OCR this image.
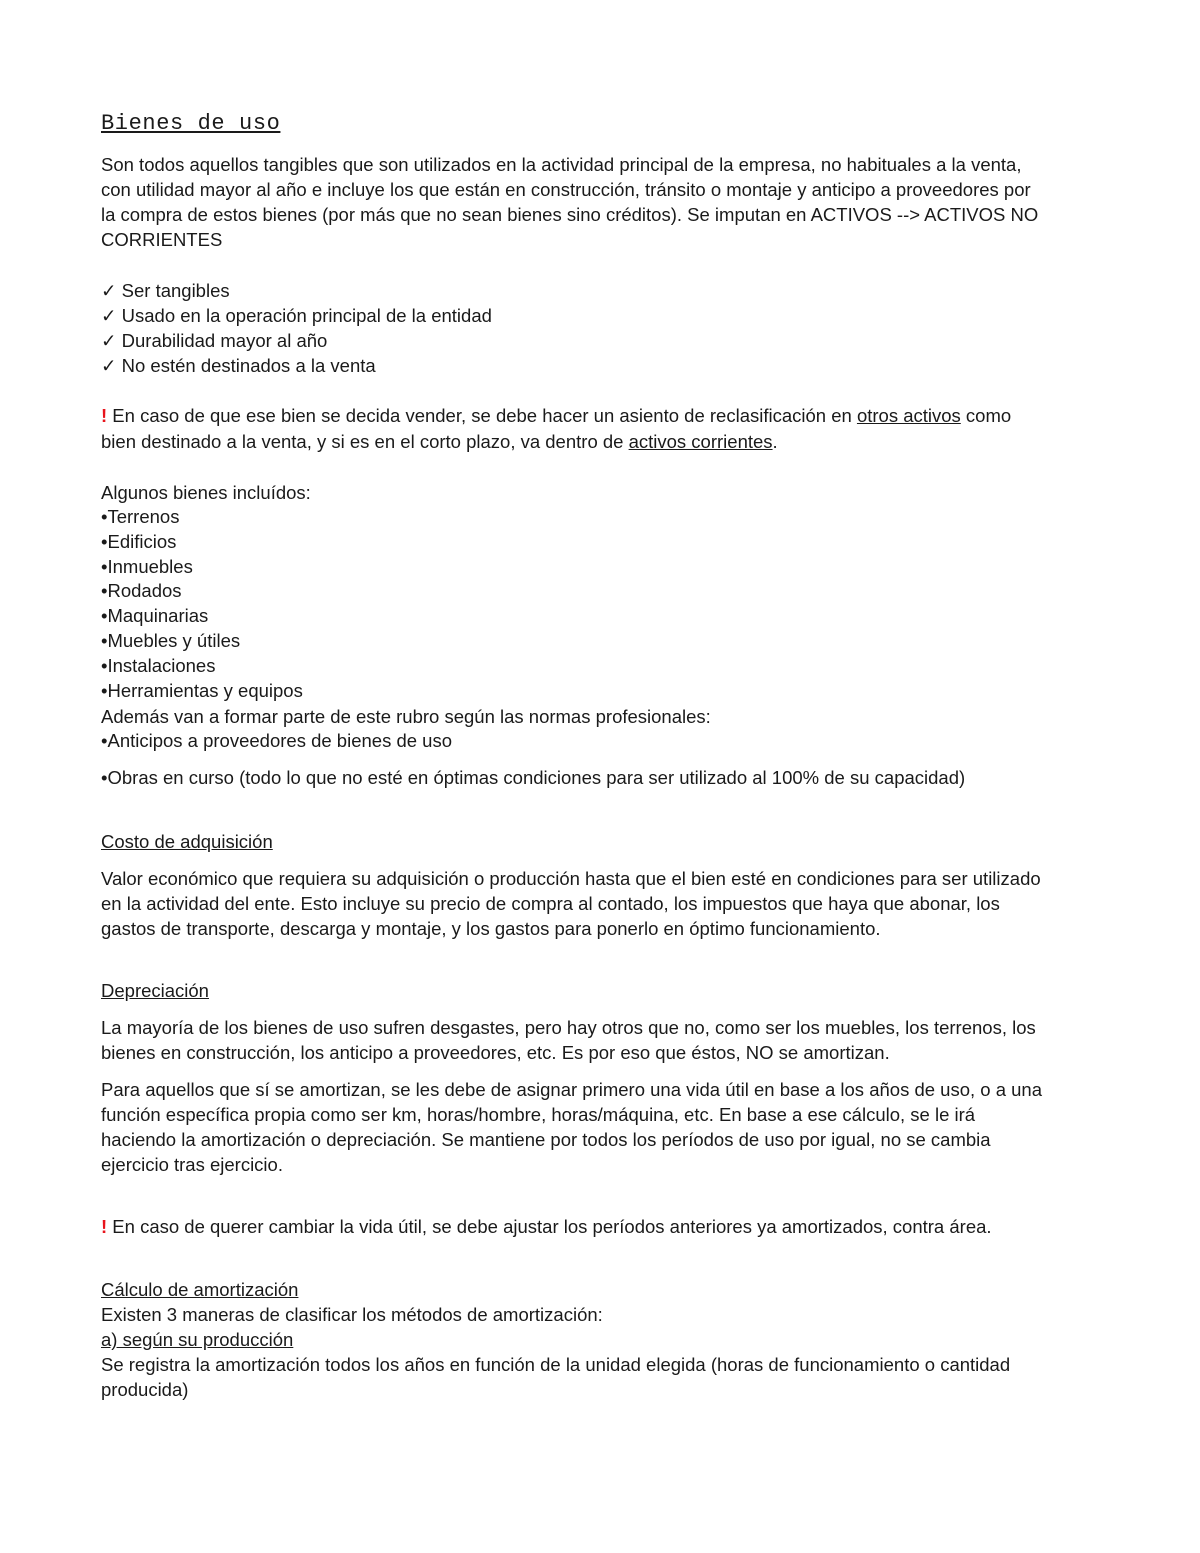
Bienes de uso
Son todos aquellos tangibles que son utilizados en la actividad principal de la empresa, no habituales a la venta,
con utilidad mayor al año e incluye los que están en construcción, tránsito o montaje y anticipo a proveedores por
la compra de estos bienes (por más que no sean bienes sino créditos). Se imputan en ACTIVOS --> ACTIVOS NO
CORRIENTES
✓ Ser tangibles
✓ Usado en la operación principal de la entidad
✓ Durabilidad mayor al año
✓ No estén destinados a la venta
! En caso de que ese bien se decida vender, se debe hacer un asiento de reclasificación en otros activos como
bien destinado a la venta, y si es en el corto plazo, va dentro de activos corrientes.
Algunos bienes incluídos:
•Terrenos
•Edificios
•Inmuebles
•Rodados
•Maquinarias
•Muebles y útiles
•Instalaciones
•Herramientas y equipos
Además van a formar parte de este rubro según las normas profesionales:
•Anticipos a proveedores de bienes de uso
•Obras en curso (todo lo que no esté en óptimas condiciones para ser utilizado al 100% de su capacidad)
Costo de adquisición
Valor económico que requiera su adquisición o producción hasta que el bien esté en condiciones para ser utilizado
en la actividad del ente. Esto incluye su precio de compra al contado, los impuestos que haya que abonar, los
gastos de transporte, descarga y montaje, y los gastos para ponerlo en óptimo funcionamiento.
Depreciación
La mayoría de los bienes de uso sufren desgastes, pero hay otros que no, como ser los muebles, los terrenos, los
bienes en construcción, los anticipo a proveedores, etc. Es por eso que éstos, NO se amortizan.
Para aquellos que sí se amortizan, se les debe de asignar primero una vida útil en base a los años de uso, o a una
función específica propia como ser km, horas/hombre, horas/máquina, etc. En base a ese cálculo, se le irá
haciendo la amortización o depreciación. Se mantiene por todos los períodos de uso por igual, no se cambia
ejercicio tras ejercicio.
! En caso de querer cambiar la vida útil, se debe ajustar los períodos anteriores ya amortizados, contra área.
Cálculo de amortización
Existen 3 maneras de clasificar los métodos de amortización:
a) según su producción
Se registra la amortización todos los años en función de la unidad elegida (horas de funcionamiento o cantidad
producida)
